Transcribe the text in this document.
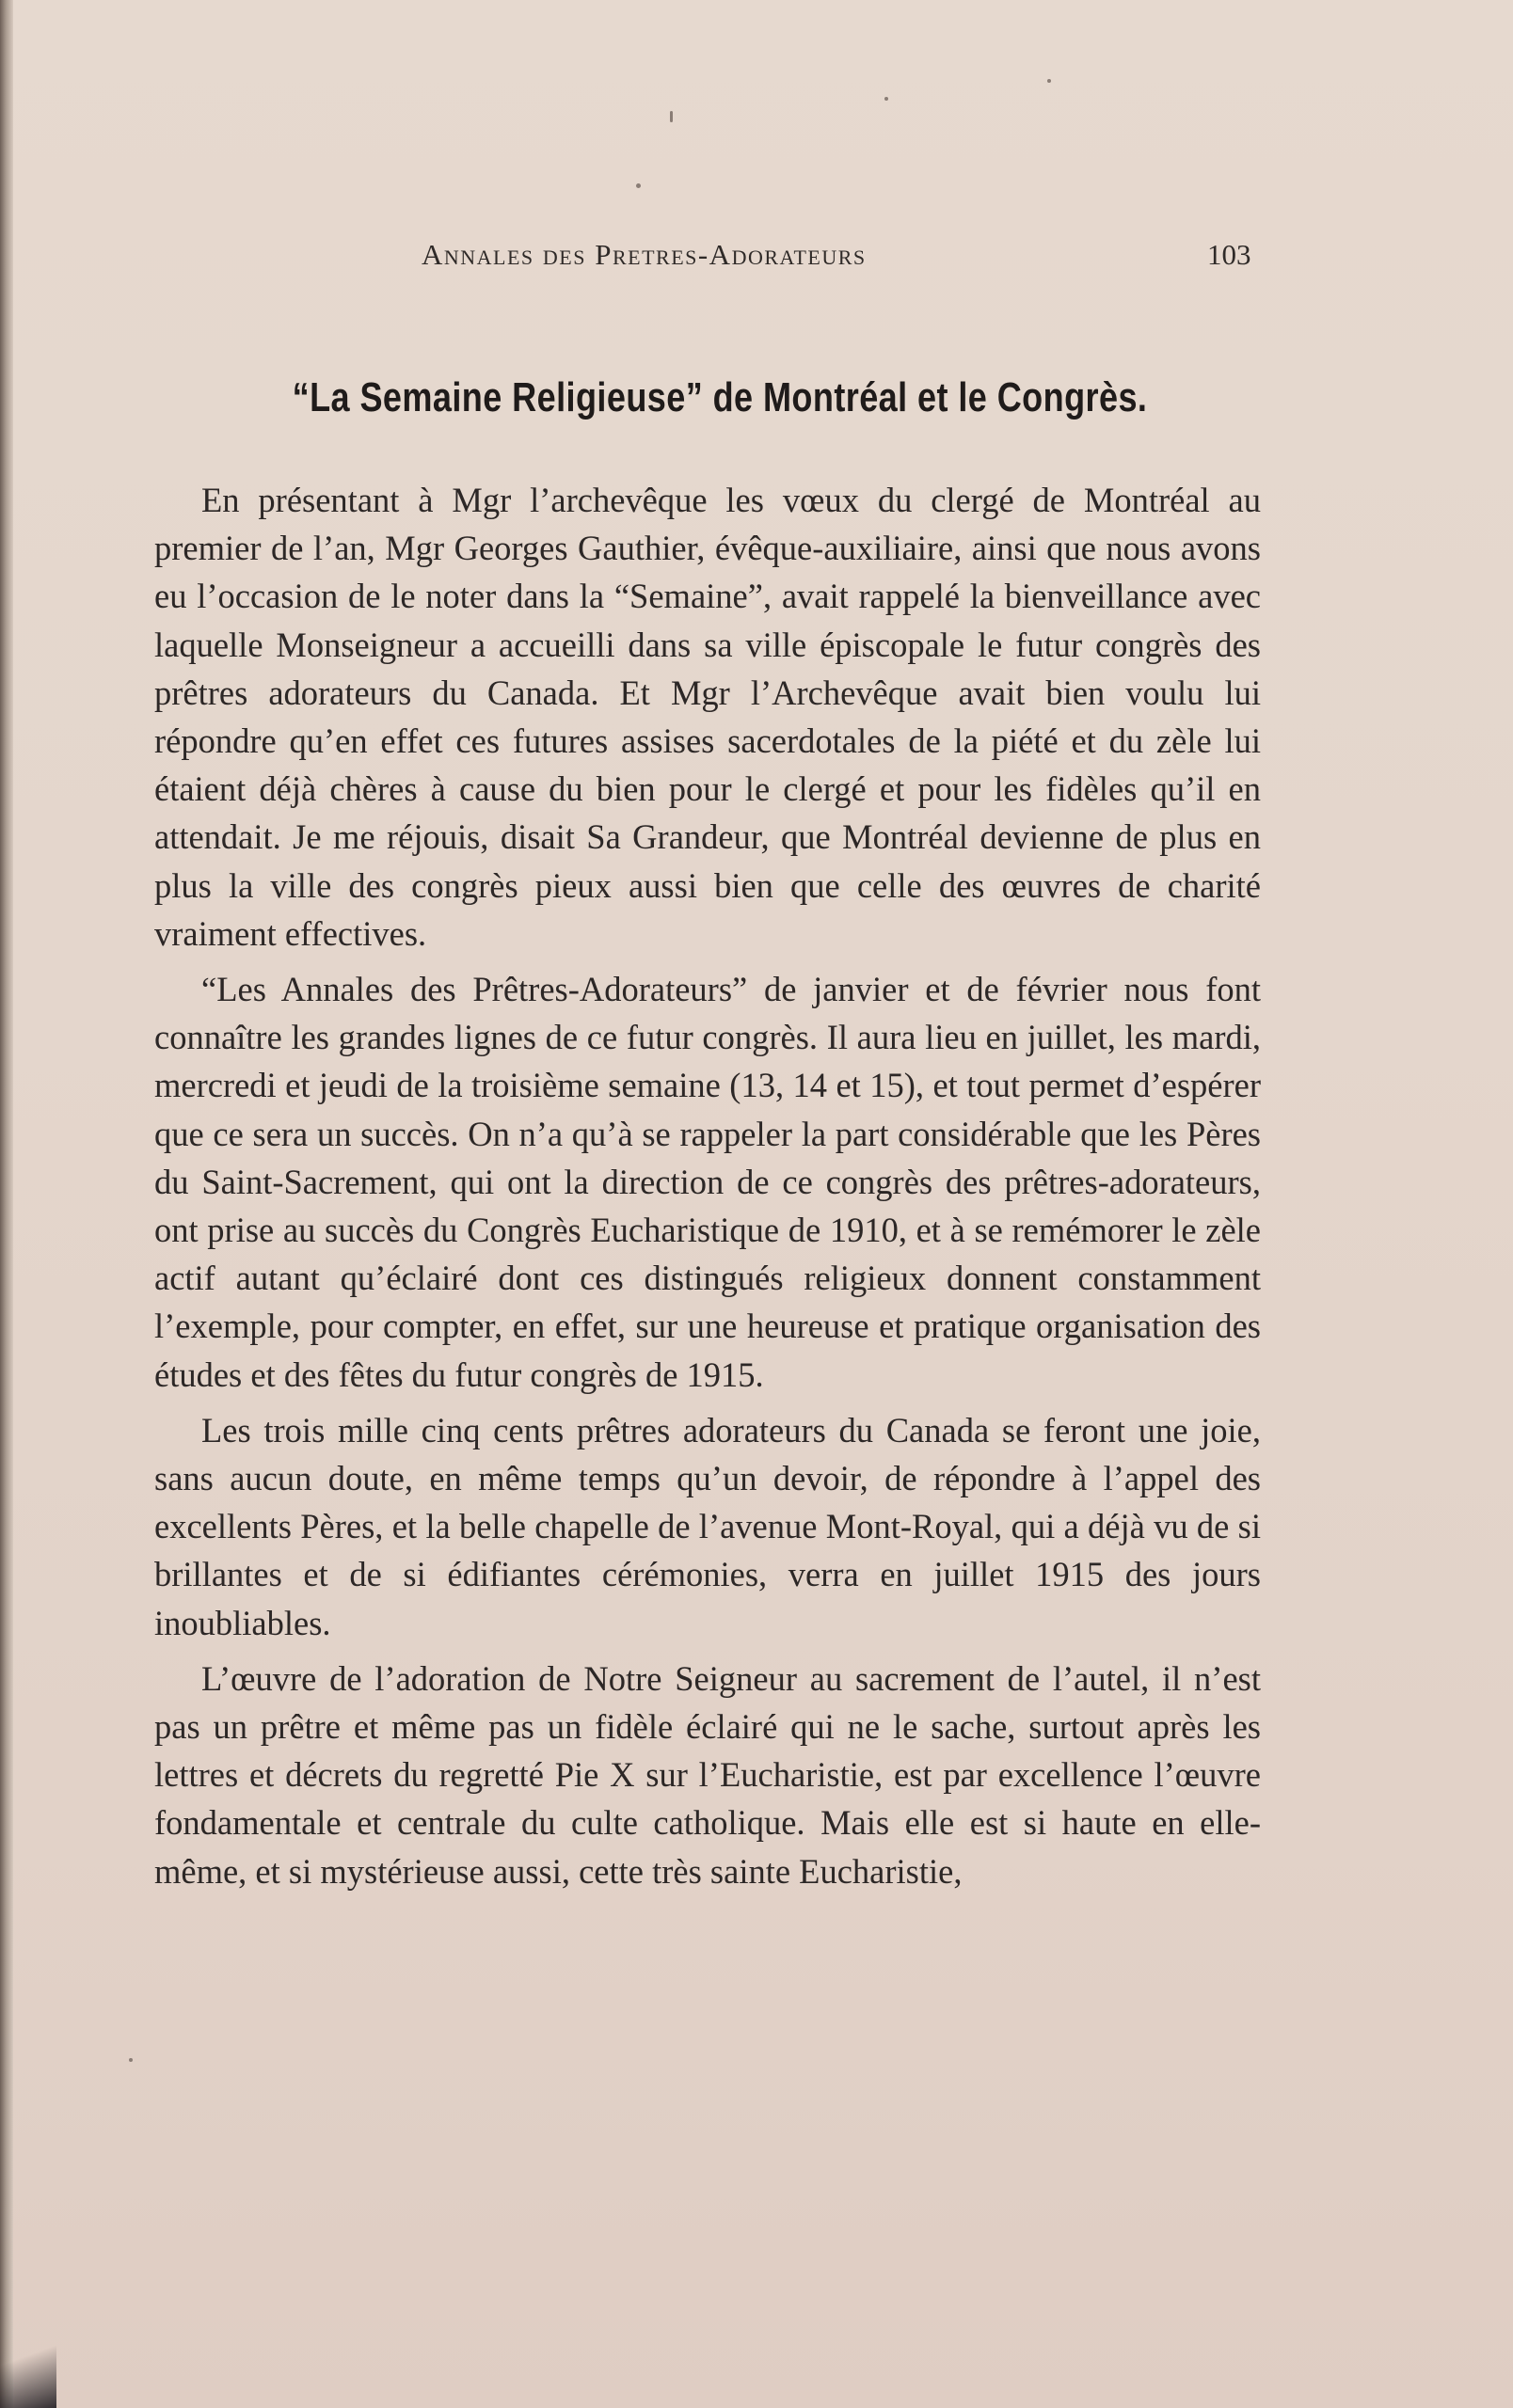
Annales des Pretres-Adorateurs	103
“La Semaine Religieuse” de Montréal et le Congrès.

En présentant à Mgr l’archevêque les vœux du clergé de Montréal au premier de l’an, Mgr Georges Gauthier, évêque-auxiliaire, ainsi que nous avons eu l’occasion de le noter dans la “Semaine”, avait rappelé la bienveillance avec laquelle Monseigneur a accueilli dans sa ville épiscopale le futur congrès des prêtres adorateurs du Canada. Et Mgr l’Archevêque avait bien voulu lui répondre qu’en effet ces futures assises sacerdotales de la piété et du zèle lui étaient déjà chères à cause du bien pour le clergé et pour les fidèles qu’il en attendait. Je me réjouis, disait Sa Grandeur, que Montréal devienne de plus en plus la ville des congrès pieux aussi bien que celle des œuvres de charité vraiment effectives.

“Les Annales des Prêtres-Adorateurs” de janvier et de février nous font connaître les grandes lignes de ce futur congrès. Il aura lieu en juillet, les mardi, mercredi et jeudi de la troisième semaine (13, 14 et 15), et tout permet d’espérer que ce sera un succès. On n’a qu’à se rappeler la part considérable que les Pères du Saint-Sacrement, qui ont la direction de ce congrès des prêtres-adorateurs, ont prise au succès du Congrès Eucharistique de 1910, et à se remémorer le zèle actif autant qu’éclairé dont ces distingués religieux donnent constamment l’exemple, pour compter, en effet, sur une heureuse et pratique organisation des études et des fêtes du futur congrès de 1915.

Les trois mille cinq cents prêtres adorateurs du Canada se feront une joie, sans aucun doute, en même temps qu’un devoir, de répondre à l’appel des excellents Pères, et la belle chapelle de l’avenue Mont-Royal, qui a déjà vu de si brillantes et de si édifiantes cérémonies, verra en juillet 1915 des jours inoubliables.

L’œuvre de l’adoration de Notre Seigneur au sacrement de l’autel, il n’est pas un prêtre et même pas un fidèle éclairé qui ne le sache, surtout après les lettres et décrets du regretté Pie X sur l’Eucharistie, est par excellence l’œuvre fondamentale et centrale du culte catholique. Mais elle est si haute en elle-même, et si mystérieuse aussi, cette très sainte Eucharistie,
